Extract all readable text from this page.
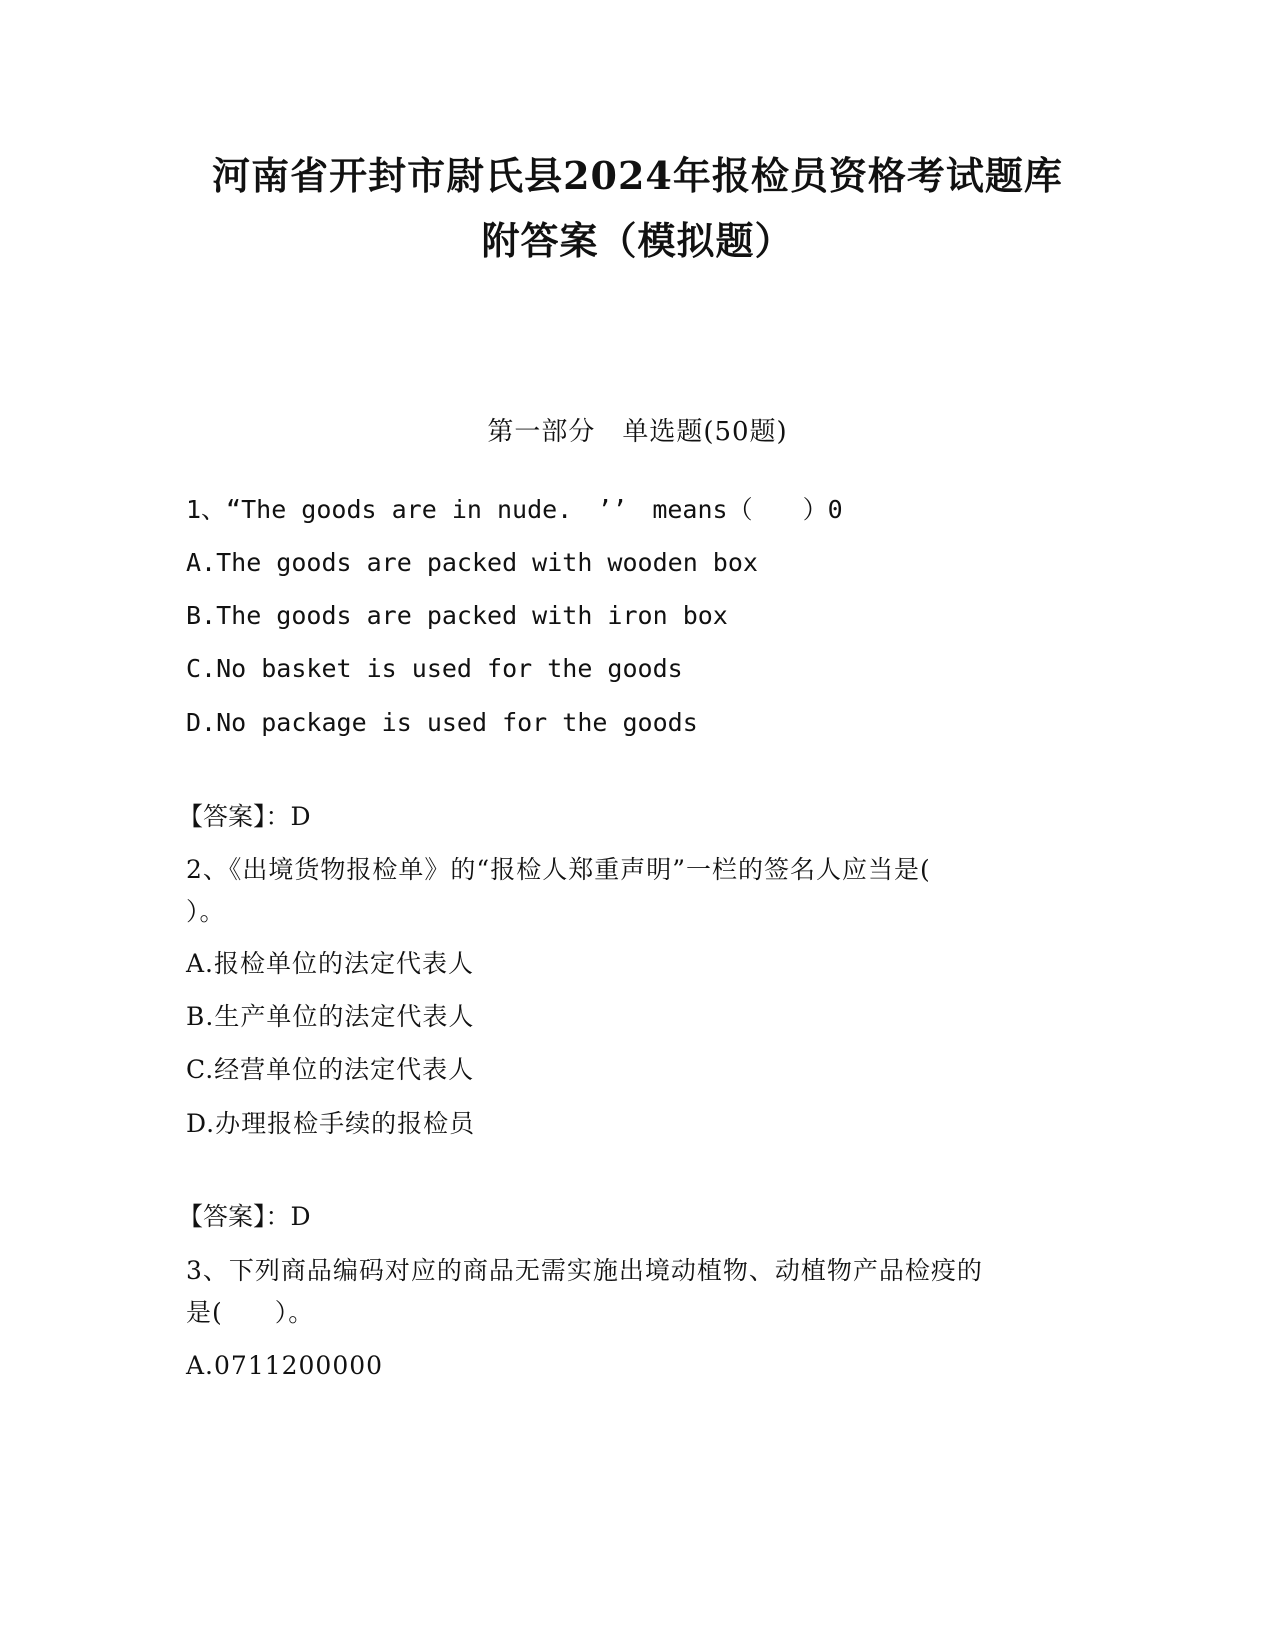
河南省开封市尉氏县2024年报检员资格考试题库
附答案（模拟题）
第一部分　单选题(50题)
1、“The goods are in nude.　’’　means（　　）0
A.The goods are packed with wooden box
B.The goods are packed with iron box
C.No basket is used for the goods
D.No package is used for the goods
【答案】：D
2、《出境货物报检单》的“报检人郑重声明”一栏的签名人应当是(
）。
A.报检单位的法定代表人
B.生产单位的法定代表人
C.经营单位的法定代表人
D.办理报检手续的报检员
【答案】：D
3、下列商品编码对应的商品无需实施出境动植物、动植物产品检疫的
是(　　）。
A.0711200000
